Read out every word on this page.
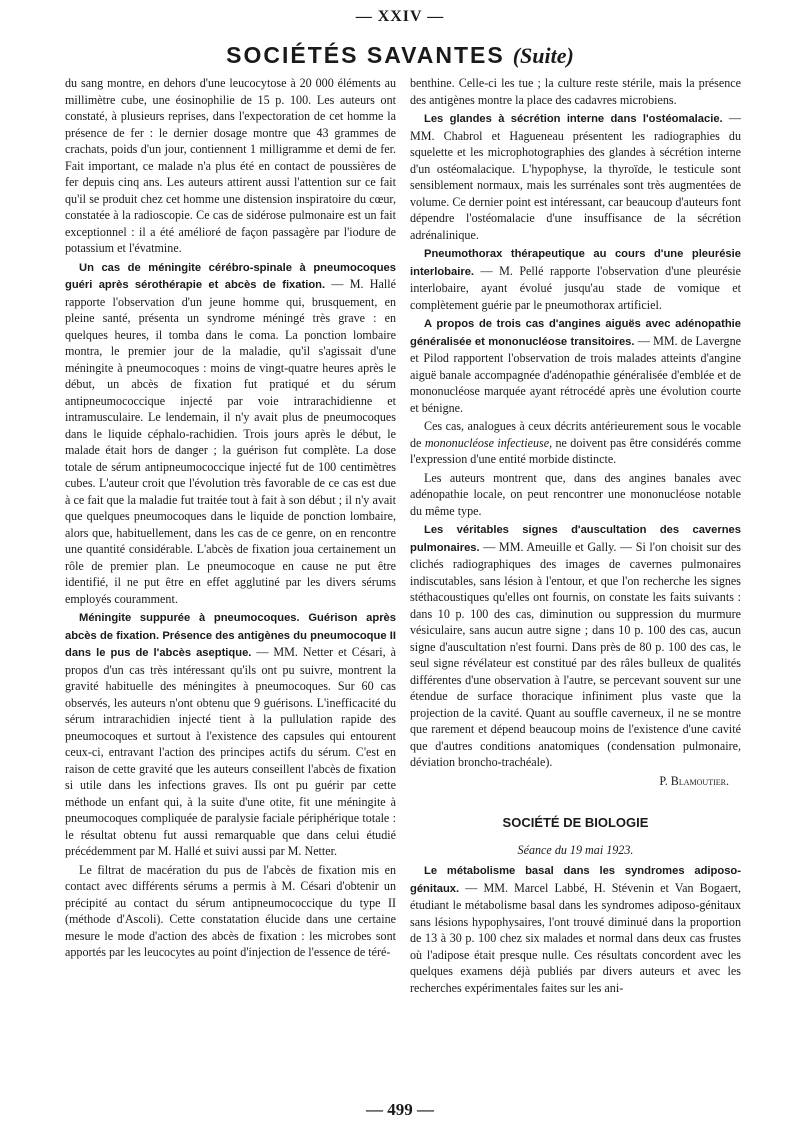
— XXIV —
SOCIÉTÉS SAVANTES (Suite)

du sang montre, en dehors d'une leucocytose à 20 000 éléments au millimètre cube, une éosinophilie de 15 p. 100. Les auteurs ont constaté, à plusieurs reprises, dans l'expectoration de cet homme la présence de fer : le dernier dosage montre que 43 grammes de crachats, poids d'un jour, contiennent 1 milligramme et demi de fer. Fait important, ce malade n'a plus été en contact de poussières de fer depuis cinq ans. Les auteurs attirent aussi l'attention sur ce fait qu'il se produit chez cet homme une distension inspiratoire du cœur, constatée à la radioscopie. Ce cas de sidérose pulmonaire est un fait exceptionnel : il a été amélioré de façon passagère par l'iodure de potassium et l'évatmine.

Un cas de méningite cérébro-spinale à pneumocoques guéri après sérothérapie et abcès de fixation. — M. Hallé rapporte l'observation d'un jeune homme qui, brusquement, en pleine santé, présenta un syndrome méningé très grave : en quelques heures, il tomba dans le coma. La ponction lombaire montra, le premier jour de la maladie, qu'il s'agissait d'une méningite à pneumocoques : moins de vingt-quatre heures après le début, un abcès de fixation fut pratiqué et du sérum antipneumococcique injecté par voie intrarachidienne et intramusculaire. Le lendemain, il n'y avait plus de pneumocoques dans le liquide céphalo-rachidien. Trois jours après le début, le malade était hors de danger ; la guérison fut complète. La dose totale de sérum antipneumococcique injecté fut de 100 centimètres cubes. L'auteur croit que l'évolution très favorable de ce cas est due à ce fait que la maladie fut traitée tout à fait à son début ; il n'y avait que quelques pneumocoques dans le liquide de ponction lombaire, alors que, habituellement, dans les cas de ce genre, on en rencontre une quantité considérable. L'abcès de fixation joua certainement un rôle de premier plan. Le pneumocoque en cause ne put être identifié, il ne put être en effet agglutiné par les divers sérums employés couramment.

Méningite suppurée à pneumocoques. Guérison après abcès de fixation. Présence des antigènes du pneumocoque II dans le pus de l'abcès aseptique. — MM. Netter et Césari, à propos d'un cas très intéressant qu'ils ont pu suivre, montrent la gravité habituelle des méningites à pneumocoques. Sur 60 cas observés, les auteurs n'ont obtenu que 9 guérisons. L'inefficacité du sérum intrarachidien injecté tient à la pullulation rapide des pneumocoques et surtout à l'existence des capsules qui entourent ceux-ci, entravant l'action des principes actifs du sérum. C'est en raison de cette gravité que les auteurs conseillent l'abcès de fixation si utile dans les infections graves. Ils ont pu guérir par cette méthode un enfant qui, à la suite d'une otite, fit une méningite à pneumocoques compliquée de paralysie faciale périphérique totale : le résultat obtenu fut aussi remarquable que dans celui étudié précédemment par M. Hallé et suivi aussi par M. Netter.

Le filtrat de macération du pus de l'abcès de fixation mis en contact avec différents sérums a permis à M. Césari d'obtenir un précipité au contact du sérum antipneumococcique du type II (méthode d'Ascoli). Cette constatation élucide dans une certaine mesure le mode d'action des abcès de fixation : les microbes sont apportés par les leucocytes au point d'injection de l'essence de téré-

benthine. Celle-ci les tue ; la culture reste stérile, mais la présence des antigènes montre la place des cadavres microbiens.

Les glandes à sécrétion interne dans l'ostéomalacie. — MM. Chabrol et Hagueneau présentent les radiographies du squelette et les microphotographies des glandes à sécrétion interne d'un ostéomalacique. L'hypophyse, la thyroïde, le testicule sont sensiblement normaux, mais les surrénales sont très augmentées de volume. Ce dernier point est intéressant, car beaucoup d'auteurs font dépendre l'ostéomalacie d'une insuffisance de la sécrétion adrénalinique.

Pneumothorax thérapeutique au cours d'une pleurésie interlobaire. — M. Pellé rapporte l'observation d'une pleurésie interlobaire, ayant évolué jusqu'au stade de vomique et complètement guérie par le pneumothorax artificiel.

A propos de trois cas d'angines aiguës avec adénopathie généralisée et mononucléose transitoires. — MM. de Lavergne et Pilod rapportent l'observation de trois malades atteints d'angine aiguë banale accompagnée d'adénopathie généralisée d'emblée et de mononucléose marquée ayant rétrocédé après une évolution courte et bénigne.

Ces cas, analogues à ceux décrits antérieurement sous le vocable de mononucléose infectieuse, ne doivent pas être considérés comme l'expression d'une entité morbide distincte.

Les auteurs montrent que, dans des angines banales avec adénopathie locale, on peut rencontrer une mononucléose notable du même type.

Les véritables signes d'auscultation des cavernes pulmonaires. — MM. Ameuille et Gally. — Si l'on choisit sur des clichés radiographiques des images de cavernes pulmonaires indiscutables, sans lésion à l'entour, et que l'on recherche les signes stéthacoustiques qu'elles ont fournis, on constate les faits suivants : dans 10 p. 100 des cas, diminution ou suppression du murmure vésiculaire, sans aucun autre signe ; dans 10 p. 100 des cas, aucun signe d'auscultation n'est fourni. Dans près de 80 p. 100 des cas, le seul signe révélateur est constitué par des râles bulleux de qualités différentes d'une observation à l'autre, se percevant souvent sur une étendue de surface thoracique infiniment plus vaste que la projection de la cavité. Quant au souffle caverneux, il ne se montre que rarement et dépend beaucoup moins de l'existence d'une cavité que d'autres conditions anatomiques (condensation pulmonaire, déviation broncho-trachéale).

P. Blamoutier.

SOCIÉTÉ DE BIOLOGIE
Séance du 19 mai 1923.

Le métabolisme basal dans les syndromes adiposo-génitaux. — MM. Marcel Labbé, H. Stévenin et Van Bogaert, étudiant le métabolisme basal dans les syndromes adiposo-génitaux sans lésions hypophysaires, l'ont trouvé diminué dans la proportion de 13 à 30 p. 100 chez six malades et normal dans deux cas frustes où l'adipose était presque nulle. Ces résultats concordent avec les quelques examens déjà publiés par divers auteurs et avec les recherches expérimentales faites sur les ani-

— 499 —
